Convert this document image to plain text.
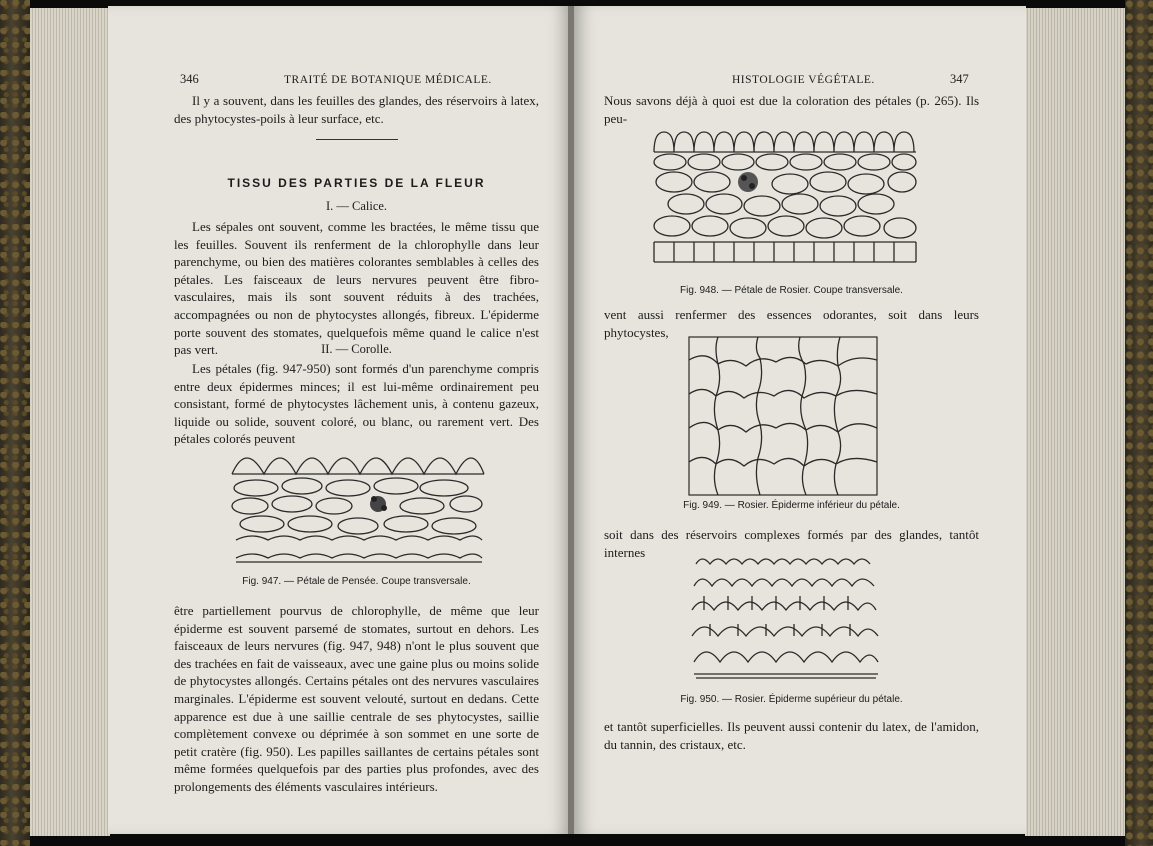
346	TRAITÉ DE BOTANIQUE MÉDICALE.

Il y a souvent, dans les feuilles des glandes, des réservoirs à latex, des phytocystes-poils à leur surface, etc.

TISSU DES PARTIES DE LA FLEUR
I. — Calice.

Les sépales ont souvent, comme les bractées, le même tissu que les feuilles. Souvent ils renferment de la chlorophylle dans leur parenchyme, ou bien des matières colorantes semblables à celles des pétales. Les faisceaux de leurs nervures peuvent être fibro-vasculaires, mais ils sont souvent réduits à des trachées, accompagnées ou non de phytocystes allongés, fibreux. L'épiderme porte souvent des stomates, quelquefois même quand le calice n'est pas vert.	II. — Corolle.

Les pétales (fig. 947-950) sont formés d'un parenchyme compris entre deux épidermes minces; il est lui-même ordinairement peu consistant, formé de phytocystes lâchement unis, à contenu gazeux, liquide ou solide, souvent coloré, ou blanc, ou rarement vert. Des pétales colorés peuvent

Fig. 947. — Pétale de Pensée. Coupe transversale.

être partiellement pourvus de chlorophylle, de même que leur épiderme est souvent parsemé de stomates, surtout en dehors. Les faisceaux de leurs nervures (fig. 947, 948) n'ont le plus souvent que des trachées en fait de vaisseaux, avec une gaine plus ou moins solide de phytocystes allongés. Certains pétales ont des nervures vasculaires marginales. L'épiderme est souvent velouté, surtout en dedans. Cette apparence est due à une saillie centrale de ses phytocystes, saillie complètement convexe ou déprimée à son sommet en une sorte de petit cratère (fig. 950). Les papilles saillantes de certains pétales sont même formées quelquefois par des parties plus profondes, avec des prolongements des éléments vasculaires intérieurs.

HISTOLOGIE VÉGÉTALE.	347

Nous savons déjà à quoi est due la coloration des pétales (p. 265). Ils peu-

Fig. 948. — Pétale de Rosier. Coupe transversale.

vent aussi renfermer des essences odorantes, soit dans leurs phytocystes,

Fig. 949. — Rosier. Épiderme inférieur du pétale.

soit dans des réservoirs complexes formés par des glandes, tantôt internes

Fig. 950. — Rosier. Épiderme supérieur du pétale.

et tantôt superficielles. Ils peuvent aussi contenir du latex, de l'amidon, du tannin, des cristaux, etc.
